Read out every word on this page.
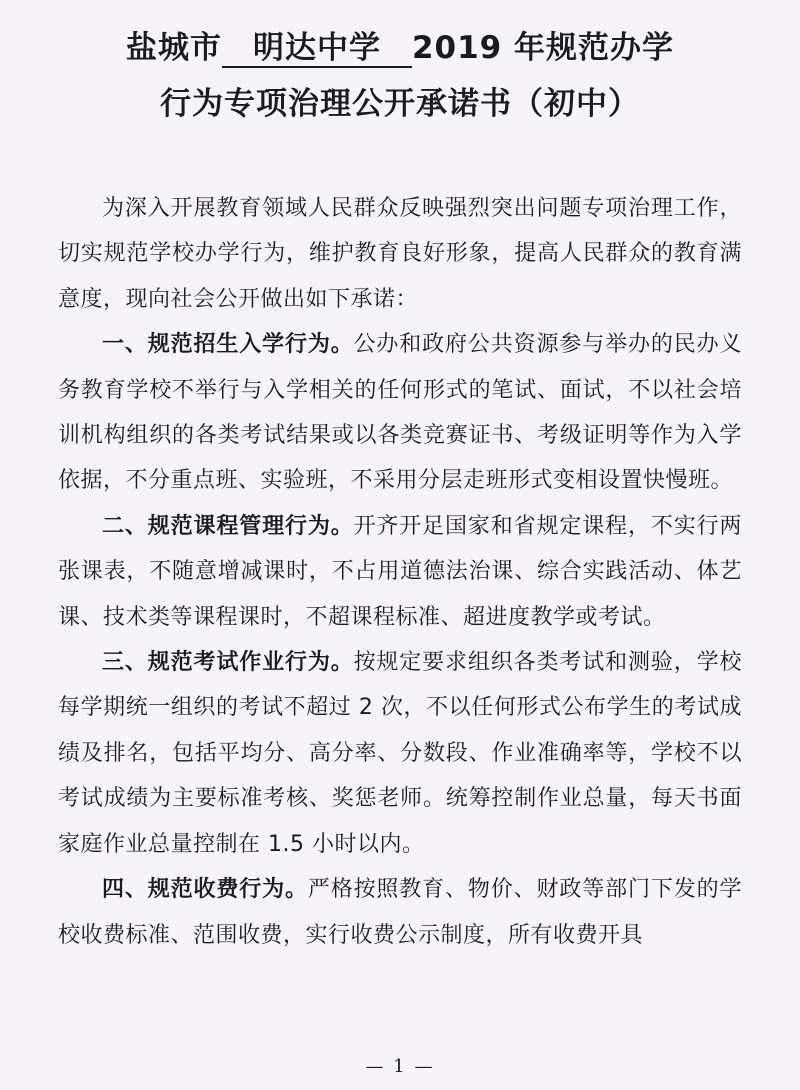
盐城市 明达中学 2019 年规范办学
行为专项治理公开承诺书（初中）

为深入开展教育领域人民群众反映强烈突出问题专项治理工作，切实规范学校办学行为，维护教育良好形象，提高人民群众的教育满意度，现向社会公开做出如下承诺：

一、规范招生入学行为。公办和政府公共资源参与举办的民办义务教育学校不举行与入学相关的任何形式的笔试、面试，不以社会培训机构组织的各类考试结果或以各类竞赛证书、考级证明等作为入学依据，不分重点班、实验班，不采用分层走班形式变相设置快慢班。

二、规范课程管理行为。开齐开足国家和省规定课程，不实行两张课表，不随意增减课时，不占用道德法治课、综合实践活动、体艺课、技术类等课程课时，不超课程标准、超进度教学或考试。

三、规范考试作业行为。按规定要求组织各类考试和测验，学校每学期统一组织的考试不超过 2 次，不以任何形式公布学生的考试成绩及排名，包括平均分、高分率、分数段、作业准确率等，学校不以考试成绩为主要标准考核、奖惩老师。统筹控制作业总量，每天书面家庭作业总量控制在 1.5 小时以内。

四、规范收费行为。严格按照教育、物价、财政等部门下发的学校收费标准、范围收费，实行收费公示制度，所有收费开具

— 1 —
